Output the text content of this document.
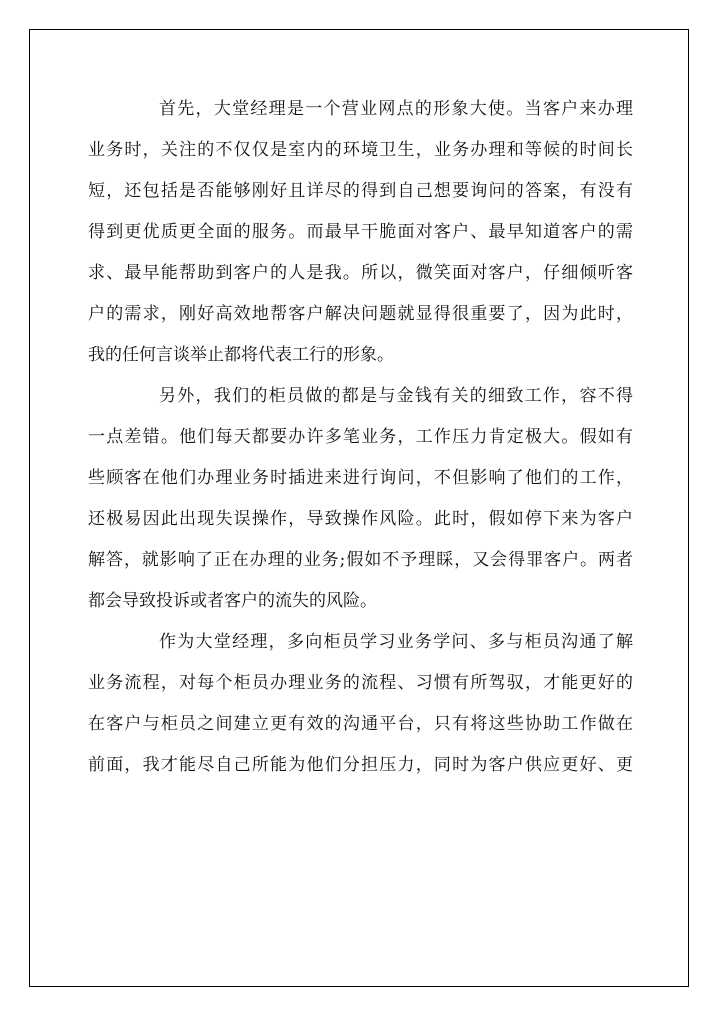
首先，大堂经理是一个营业网点的形象大使。当客户来办理
业务时，关注的不仅仅是室内的环境卫生，业务办理和等候的时间长
短，还包括是否能够刚好且详尽的得到自己想要询问的答案，有没有
得到更优质更全面的服务。而最早干脆面对客户、最早知道客户的需
求、最早能帮助到客户的人是我。所以，微笑面对客户，仔细倾听客
户的需求，刚好高效地帮客户解决问题就显得很重要了，因为此时，
我的任何言谈举止都将代表工行的形象。
另外，我们的柜员做的都是与金钱有关的细致工作，容不得
一点差错。他们每天都要办许多笔业务，工作压力肯定极大。假如有
些顾客在他们办理业务时插进来进行询问，不但影响了他们的工作，
还极易因此出现失误操作，导致操作风险。此时，假如停下来为客户
解答，就影响了正在办理的业务;假如不予理睬，又会得罪客户。两者
都会导致投诉或者客户的流失的风险。
作为大堂经理，多向柜员学习业务学问、多与柜员沟通了解
业务流程，对每个柜员办理业务的流程、习惯有所驾驭，才能更好的
在客户与柜员之间建立更有效的沟通平台，只有将这些协助工作做在
前面，我才能尽自己所能为他们分担压力，同时为客户供应更好、更
